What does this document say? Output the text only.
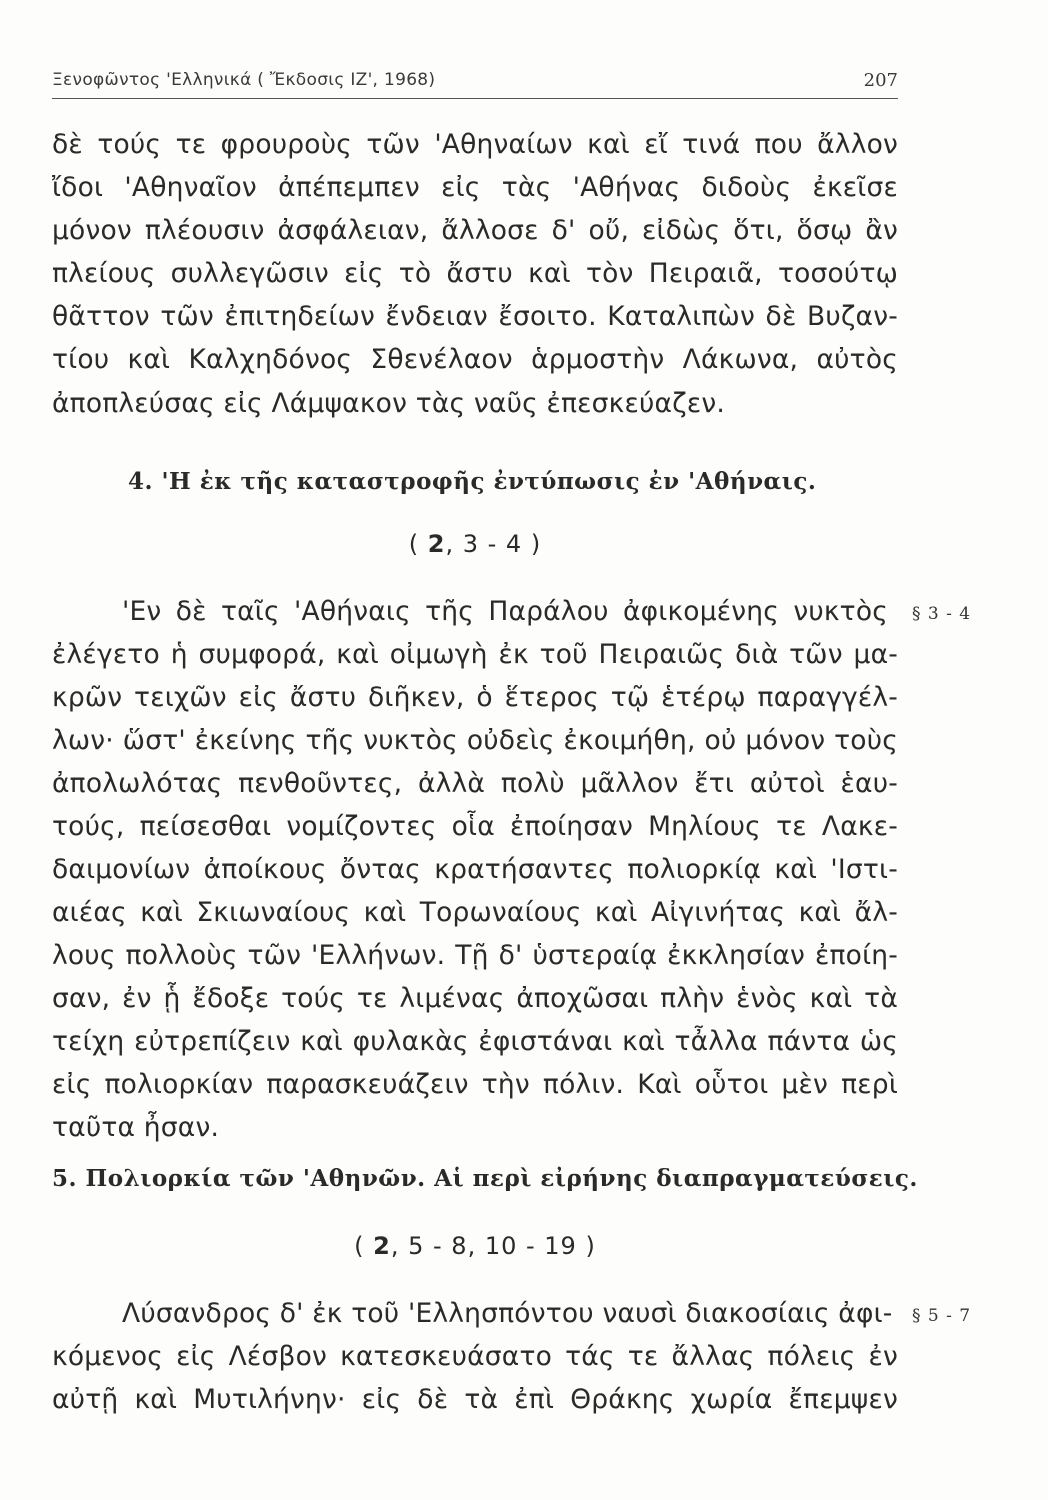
Ξενοφῶντος 'Ελληνικά ( Ἔκδοσις ΙΖ', 1968)	207
δὲ τούς τε φρουροὺς τῶν 'Αθηναίων καὶ εἴ τινά που ἄλλον
ἴδοι 'Αθηναῖον ἀπέπεμπεν εἰς τὰς 'Αθήνας διδοὺς ἐκεῖσε
μόνον πλέουσιν ἀσφάλειαν, ἄλλοσε δ' οὔ, εἰδὼς ὅτι, ὅσῳ ἂν
πλείους συλλεγῶσιν εἰς τὸ ἄστυ καὶ τὸν Πειραιᾶ, τοσούτῳ
θᾶττον τῶν ἐπιτηδείων ἔνδειαν ἔσοιτο. Καταλιπὼν δὲ Βυζαν-
τίου καὶ Καλχηδόνος Σθενέλαον ἁρμοστὴν Λάκωνα, αὐτὸς
ἀποπλεύσας εἰς Λάμψακον τὰς ναῦς ἐπεσκεύαζεν.
4. 'Η ἐκ τῆς καταστροφῆς ἐντύπωσις ἐν 'Αθήναις.
( 2, 3 - 4 )
'Εν δὲ ταῖς 'Αθήναις τῆς Παράλου ἀφικομένης νυκτὸς § 3 - 4
ἐλέγετο ἡ συμφορά, καὶ οἰμωγὴ ἐκ τοῦ Πειραιῶς διὰ τῶν μα-
κρῶν τειχῶν εἰς ἄστυ διῆκεν, ὁ ἕτερος τῷ ἑτέρῳ παραγγέλ-
λων· ὥστ' ἐκείνης τῆς νυκτὸς οὐδεὶς ἐκοιμήθη, οὐ μόνον τοὺς
ἀπολωλότας πενθοῦντες, ἀλλὰ πολὺ μᾶλλον ἔτι αὐτοὶ ἑαυ-
τούς, πείσεσθαι νομίζοντες οἷα ἐποίησαν Μηλίους τε Λακε-
δαιμονίων ἀποίκους ὄντας κρατήσαντες πολιορκίᾳ καὶ 'Ιστι-
αιέας καὶ Σκιωναίους καὶ Τορωναίους καὶ Αἰγινήτας καὶ ἄλ-
λους πολλοὺς τῶν 'Ελλήνων. Τῇ δ' ὑστεραίᾳ ἐκκλησίαν ἐποίη-
σαν, ἐν ᾗ ἔδοξε τούς τε λιμένας ἀποχῶσαι πλὴν ἑνὸς καὶ τὰ
τείχη εὐτρεπίζειν καὶ φυλακὰς ἐφιστάναι καὶ τἆλλα πάντα ὡς
εἰς πολιορκίαν παρασκευάζειν τὴν πόλιν. Καὶ οὗτοι μὲν περὶ
ταῦτα ἦσαν.
5. Πολιορκία τῶν 'Αθηνῶν. Αἱ περὶ εἰρήνης διαπραγματεύσεις.
( 2, 5 - 8, 10 - 19 )
Λύσανδρος δ' ἐκ τοῦ 'Ελλησπόντου ναυσὶ διακοσίαις ἀφι- § 5 - 7
κόμενος εἰς Λέσβον κατεσκευάσατο τάς τε ἄλλας πόλεις ἐν
αὐτῇ καὶ Μυτιλήνην· εἰς δὲ τὰ ἐπὶ Θράκης χωρία ἔπεμψεν
